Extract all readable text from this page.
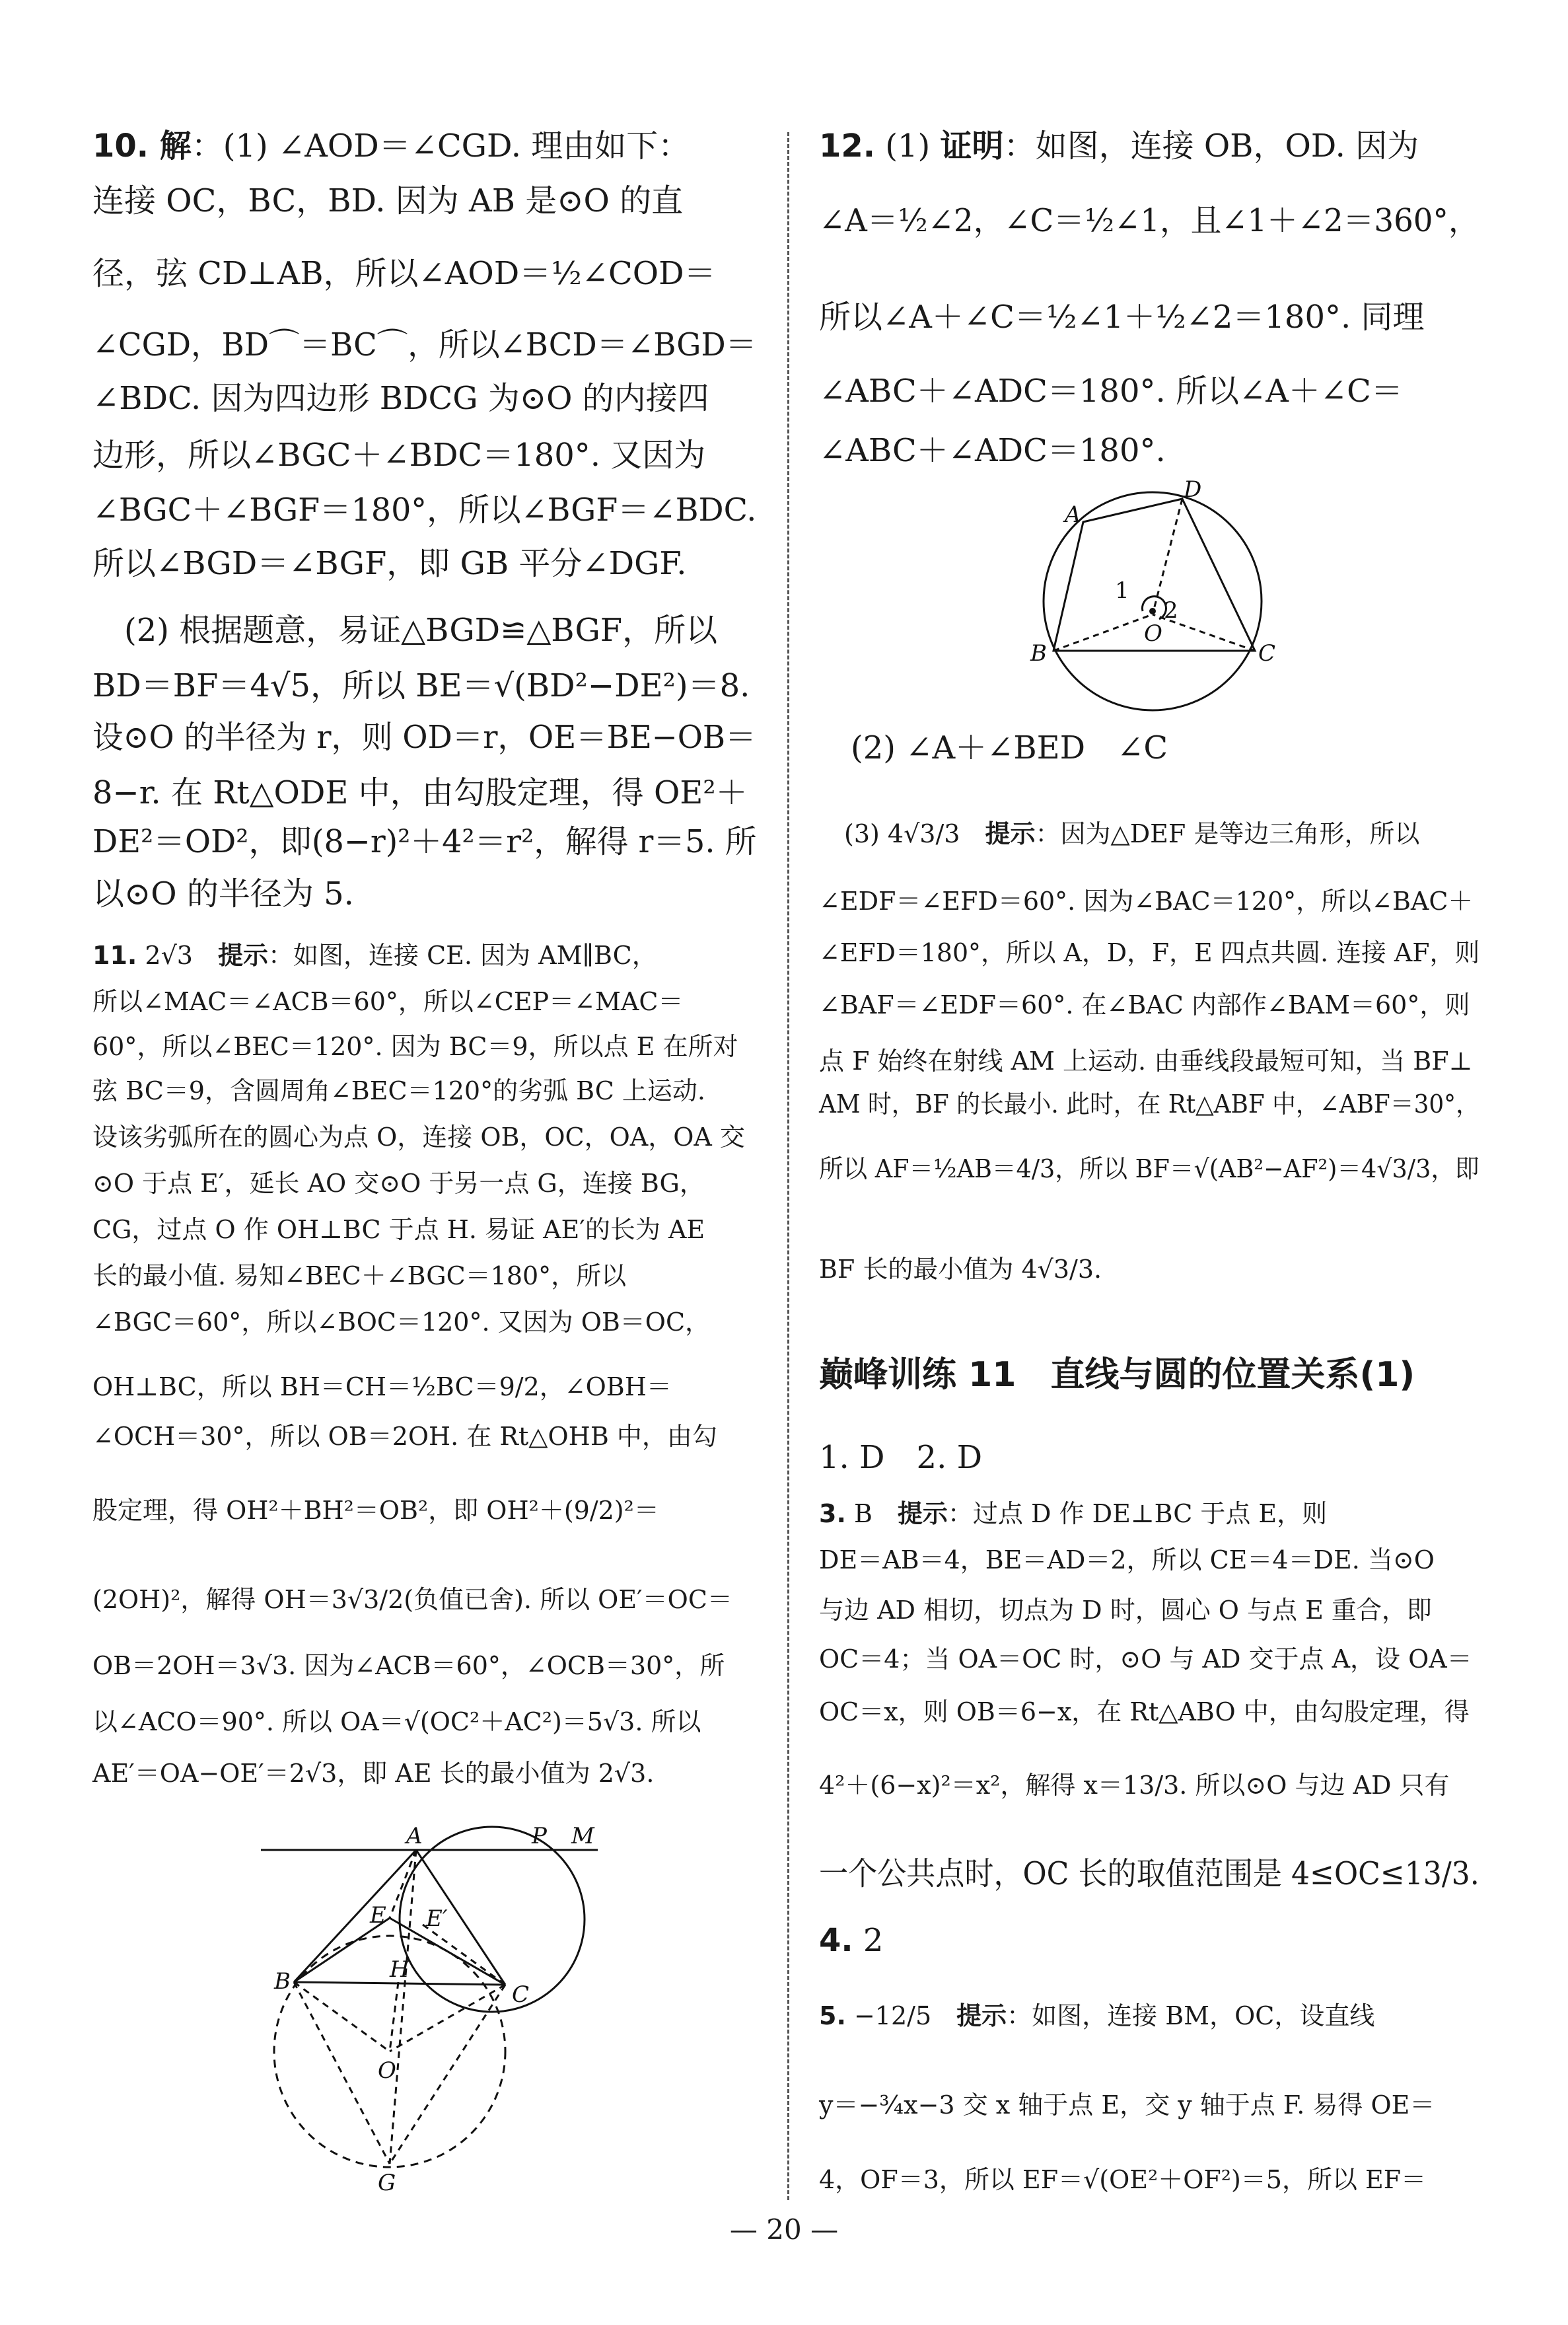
巅峰训练 11　直线与圆的位置关系(1)
— 20 —
A	P M
E E′
B	H
C
O
G
A
D
B	C
O
1
2
10. 解：(1) ∠AOD＝∠CGD. 理由如下：
连接 OC，BC，BD. 因为 AB 是⊙O 的直
径，弦 CD⊥AB，所以∠AOD＝½∠COD＝
∠CGD，BD⌒＝BC⌒，所以∠BCD＝∠BGD＝
∠BDC. 因为四边形 BDCG 为⊙O 的内接四
边形，所以∠BGC＋∠BDC＝180°. 又因为
∠BGC＋∠BGF＝180°，所以∠BGF＝∠BDC.
所以∠BGD＝∠BGF，即 GB 平分∠DGF.
　(2) 根据题意，易证△BGD≌△BGF，所以
BD＝BF＝4√5，所以 BE＝√(BD²−DE²)＝8.
设⊙O 的半径为 r，则 OD＝r，OE＝BE−OB＝
8−r. 在 Rt△ODE 中，由勾股定理，得 OE²＋
DE²＝OD²，即(8−r)²＋4²＝r²，解得 r＝5. 所
以⊙O 的半径为 5.
11. 2√3　提示：如图，连接 CE. 因为 AM∥BC，
所以∠MAC＝∠ACB＝60°，所以∠CEP＝∠MAC＝
60°，所以∠BEC＝120°. 因为 BC＝9，所以点 E 在所对
弦 BC＝9，含圆周角∠BEC＝120°的劣弧 BC 上运动.
设该劣弧所在的圆心为点 O，连接 OB，OC，OA，OA 交
⊙O 于点 E′，延长 AO 交⊙O 于另一点 G，连接 BG，
CG，过点 O 作 OH⊥BC 于点 H. 易证 AE′的长为 AE
长的最小值. 易知∠BEC＋∠BGC＝180°，所以
∠BGC＝60°，所以∠BOC＝120°. 又因为 OB＝OC，
OH⊥BC，所以 BH＝CH＝½BC＝9/2，∠OBH＝
∠OCH＝30°，所以 OB＝2OH. 在 Rt△OHB 中，由勾
股定理，得 OH²＋BH²＝OB²，即 OH²＋(9/2)²＝
(2OH)²，解得 OH＝3√3/2(负值已舍). 所以 OE′＝OC＝
OB＝2OH＝3√3. 因为∠ACB＝60°，∠OCB＝30°，所
以∠ACO＝90°. 所以 OA＝√(OC²＋AC²)＝5√3. 所以
AE′＝OA−OE′＝2√3，即 AE 长的最小值为 2√3.
12. (1) 证明：如图，连接 OB，OD. 因为
∠A＝½∠2，∠C＝½∠1，且∠1＋∠2＝360°，
所以∠A＋∠C＝½∠1＋½∠2＝180°. 同理
∠ABC＋∠ADC＝180°. 所以∠A＋∠C＝
∠ABC＋∠ADC＝180°.
　(2) ∠A＋∠BED　∠C
　(3) 4√3/3　提示：因为△DEF 是等边三角形，所以
∠EDF＝∠EFD＝60°. 因为∠BAC＝120°，所以∠BAC＋
∠EFD＝180°，所以 A，D，F，E 四点共圆. 连接 AF，则
∠BAF＝∠EDF＝60°. 在∠BAC 内部作∠BAM＝60°，则
点 F 始终在射线 AM 上运动. 由垂线段最短可知，当 BF⊥
AM 时，BF 的长最小. 此时，在 Rt△ABF 中，∠ABF＝30°，
所以 AF＝½AB＝4/3，所以 BF＝√(AB²−AF²)＝4√3/3，即
BF 长的最小值为 4√3/3.
1. D　2. D
3. B　提示：过点 D 作 DE⊥BC 于点 E，则
DE＝AB＝4，BE＝AD＝2，所以 CE＝4＝DE. 当⊙O
与边 AD 相切，切点为 D 时，圆心 O 与点 E 重合，即
OC＝4；当 OA＝OC 时，⊙O 与 AD 交于点 A，设 OA＝
OC＝x，则 OB＝6−x，在 Rt△ABO 中，由勾股定理，得
4²＋(6−x)²＝x²，解得 x＝13/3. 所以⊙O 与边 AD 只有
一个公共点时，OC 长的取值范围是 4≤OC≤13/3.
4. 2
5. −12/5　提示：如图，连接 BM，OC，设直线
y＝−¾x−3 交 x 轴于点 E，交 y 轴于点 F. 易得 OE＝
4，OF＝3，所以 EF＝√(OE²＋OF²)＝5，所以 EF＝
